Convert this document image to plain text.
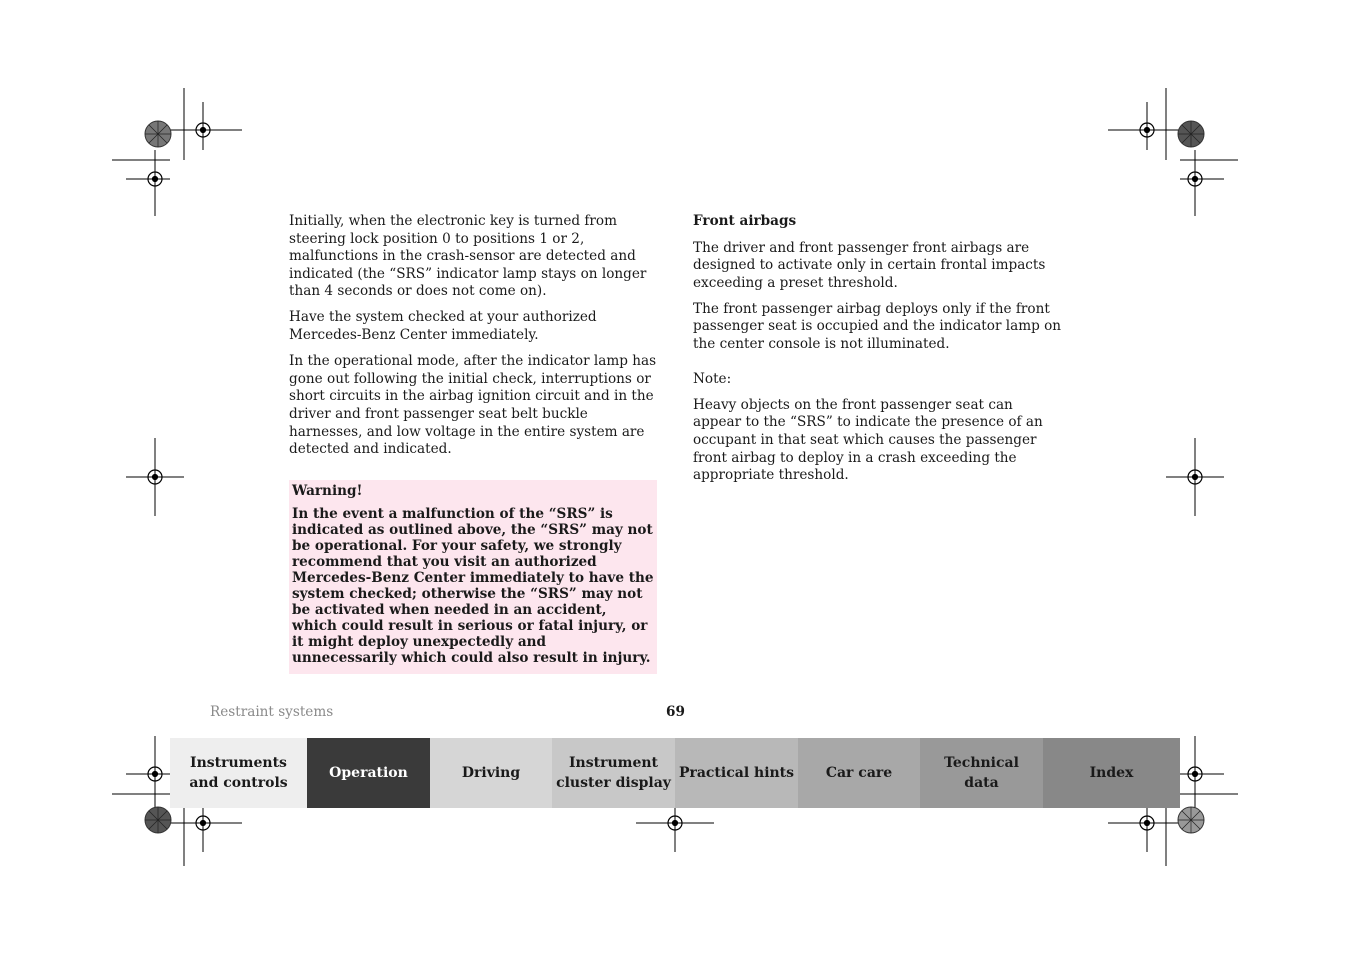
Initially, when the electronic key is turned from steering lock position 0 to positions 1 or 2, malfunctions in the crash-sensor are detected and indicated (the “SRS” indicator lamp stays on longer than 4 seconds or does not come on).

Have the system checked at your authorized Mercedes-Benz Center immediately.

In the operational mode, after the indicator lamp has gone out following the initial check, interruptions or short circuits in the airbag ignition circuit and in the driver and front passenger seat belt buckle harnesses, and low voltage in the entire system are detected and indicated.

Warning!

In the event a malfunction of the “SRS” is indicated as outlined above, the “SRS” may not be operational. For your safety, we strongly recommend that you visit an authorized Mercedes-Benz Center immediately to have the system checked; otherwise the “SRS” may not be activated when needed in an accident, which could result in serious or fatal injury, or it might deploy unexpectedly and unnecessarily which could also result in injury.

Front airbags

The driver and front passenger front airbags are designed to activate only in certain frontal impacts exceeding a preset threshold.

The front passenger airbag deploys only if the front passenger seat is occupied and the indicator lamp on the center console is not illuminated.

Note:

Heavy objects on the front passenger seat can appear to the “SRS” to indicate the presence of an occupant in that seat which causes the passenger front airbag to deploy in a crash exceeding the appropriate threshold.

Restraint systems	69
Instruments
and controls
Operation	Driving
Instrument
cluster display
Practical hints	Car care
Technical
data
Index
